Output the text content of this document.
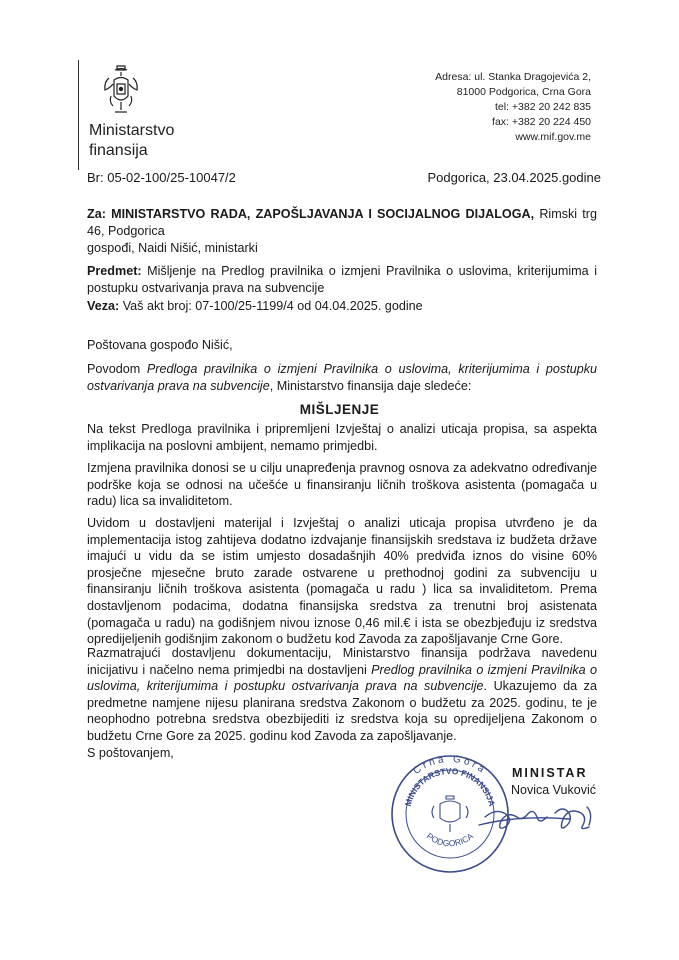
Ministarstvo
finansija
Adresa: ul. Stanka Dragojevića 2,
81000 Podgorica, Crna Gora
tel: +382 20 242 835
fax: +382 20 224 450
www.mif.gov.me
Br: 05-02-100/25-10047/2	Podgorica, 23.04.2025.godine
Za: MINISTARSTVO RADA, ZAPOŠLJAVANJA I SOCIJALNOG DIJALOGA, Rimski trg 46, Podgorica
gospođi, Naidi Nišić, ministarki
Predmet: Mišljenje na Predlog pravilnika o izmjeni Pravilnika o uslovima, kriterijumima i postupku ostvarivanja prava na subvencije
Veza: Vaš akt broj: 07-100/25-1199/4 od 04.04.2025. godine
Poštovana gospođo Nišić,
Povodom Predloga pravilnika o izmjeni Pravilnika o uslovima, kriterijumima i postupku ostvarivanja prava na subvencije, Ministarstvo finansija daje sledeće:
MIŠLJENJE
Na tekst Predloga pravilnika i pripremljeni Izvještaj o analizi uticaja propisa, sa aspekta implikacija na poslovni ambijent, nemamo primjedbi.
Izmjena pravilnika donosi se u cilju unapređenja pravnog osnova za adekvatno određivanje podrške koja se odnosi na učešće u finansiranju ličnih troškova asistenta (pomagača u radu) lica sa invaliditetom.
Uvidom u dostavljeni materijal i Izvještaj o analizi uticaja propisa utvrđeno je da implementacija istog zahtijeva dodatno izdvajanje finansijskih sredstava iz budžeta države imajući u vidu da se istim umjesto dosadašnjih 40% predviđa iznos do visine 60% prosječne mjesečne bruto zarade ostvarene u prethodnoj godini za subvenciju u finansiranju ličnih troškova asistenta (pomagača u radu ) lica sa invaliditetom. Prema dostavljenom podacima, dodatna finansijska sredstva za trenutni broj asistenata (pomagača u radu) na godišnjem nivou iznose 0,46 mil.€ i ista se obezbjeđuju iz sredstva opredijeljenih godišnjim zakonom o budžetu kod Zavoda za zapošljavanje Crne Gore.
Razmatrajući dostavljenu dokumentaciju, Ministarstvo finansija podržava navedenu inicijativu i načelno nema primjedbi na dostavljeni Predlog pravilnika o izmjeni Pravilnika o uslovima, kriterijumima i postupku ostvarivanja prava na subvencije. Ukazujemo da za predmetne namjene nijesu planirana sredstva Zakonom o budžetu za 2025. godinu, te je neophodno potrebna sredstva obezbijediti iz sredstva koja su opredijeljena Zakonom o budžetu Crne Gore za 2025. godinu kod Zavoda za zapošljavanje.
S poštovanjem,
Crna Gora
MINISTARSTVO FINANSIJA
PODGORICA
MINISTAR
Novica Vuković
